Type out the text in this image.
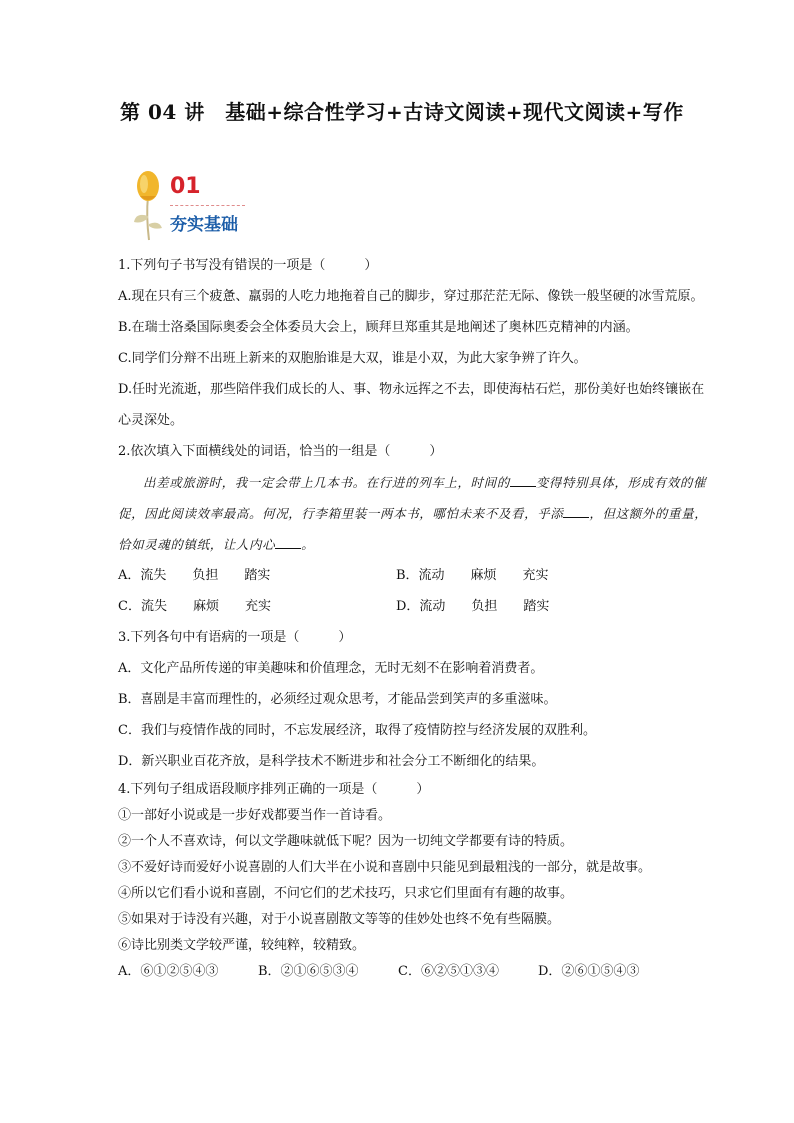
第 04 讲　基础+综合性学习+古诗文阅读+现代文阅读+写作
01
夯实基础

1.下列句子书写没有错误的一项是（　　　）

A.现在只有三个疲惫、羸弱的人吃力地拖着自己的脚步，穿过那茫茫无际、像铁一般坚硬的冰雪荒原。

B.在瑞士洛桑国际奥委会全体委员大会上，顾拜旦郑重其是地阐述了奥林匹克精神的内涵。

C.同学们分辩不出班上新来的双胞胎谁是大双，谁是小双，为此大家争辨了许久。

D.任时光流逝，那些陪伴我们成长的人、事、物永远挥之不去，即使海枯石烂，那份美好也始终镶嵌在心灵深处。

2.依次填入下面横线处的词语，恰当的一组是（　　　）

出差或旅游时，我一定会带上几本书。在行进的列车上，时间的 变得特别具体，形成有效的催促，因此阅读效率最高。何况，行李箱里装一两本书，哪怕未来不及看，乎添 ，但这额外的重量，恰如灵魂的镇纸，让人内心 。

A．流失　　负担　　踏实	B．流动　　麻烦　　充实
C．流失　　麻烦　　充实	D．流动　　负担　　踏实

3.下列各句中有语病的一项是（　　　）

A．文化产品所传递的审美趣味和价值理念，无时无刻不在影响着消费者。

B．喜剧是丰富而理性的，必须经过观众思考，才能品尝到笑声的多重滋味。

C．我们与疫情作战的同时，不忘发展经济，取得了疫情防控与经济发展的双胜利。

D．新兴职业百花齐放，是科学技术不断进步和社会分工不断细化的结果。

4.下列句子组成语段顺序排列正确的一项是（　　　）

①一部好小说或是一步好戏都要当作一首诗看。

②一个人不喜欢诗，何以文学趣味就低下呢？因为一切纯文学都要有诗的特质。

③不爱好诗而爱好小说喜剧的人们大半在小说和喜剧中只能见到最粗浅的一部分，就是故事。

④所以它们看小说和喜剧，不问它们的艺术技巧，只求它们里面有有趣的故事。

⑤如果对于诗没有兴趣，对于小说喜剧散文等等的佳妙处也终不免有些隔膜。

⑥诗比别类文学较严谨，较纯粹，较精致。

A．⑥①②⑤④③	B．②①⑥⑤③④	C．⑥②⑤①③④	D．②⑥①⑤④③
